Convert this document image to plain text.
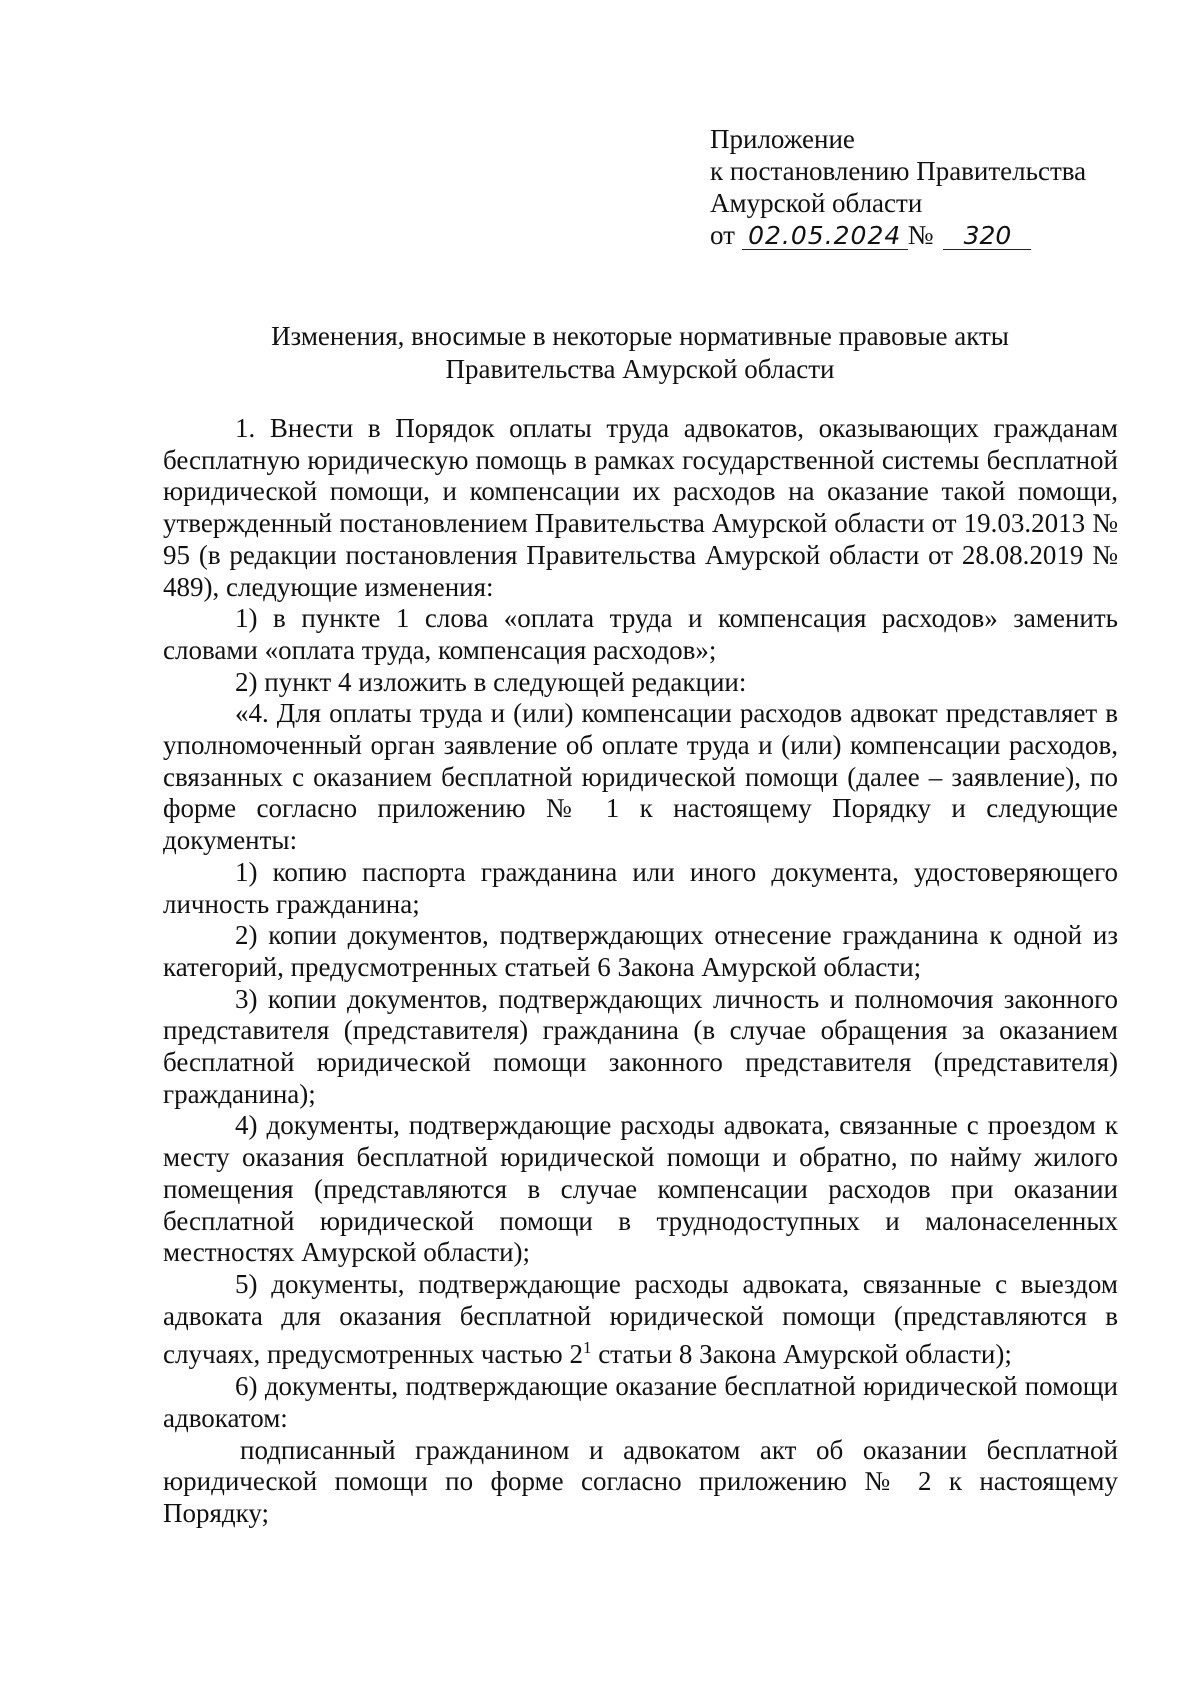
Приложение
к постановлению Правительства
Амурской области
от 02.05.2024 № 320
Изменения, вносимые в некоторые нормативные правовые акты
Правительства Амурской области

1. Внести в Порядок оплаты труда адвокатов, оказывающих гражданам бесплатную юридическую помощь в рамках государственной системы бесплатной юридической помощи, и компенсации их расходов на оказание такой помощи, утвержденный постановлением Правительства Амурской области от 19.03.2013 № 95 (в редакции постановления Правительства Амурской области от 28.08.2019 № 489), следующие изменения:

1) в пункте 1 слова «оплата труда и компенсация расходов» заменить словами «оплата труда, компенсация расходов»;

2) пункт 4 изложить в следующей редакции:

«4. Для оплаты труда и (или) компенсации расходов адвокат представляет в уполномоченный орган заявление об оплате труда и (или) компенсации расходов, связанных с оказанием бесплатной юридической помощи (далее – заявление), по форме согласно приложению № 1 к настоящему Порядку и следующие документы:

1) копию паспорта гражданина или иного документа, удостоверяющего личность гражданина;

2) копии документов, подтверждающих отнесение гражданина к одной из категорий, предусмотренных статьей 6 Закона Амурской области;

3) копии документов, подтверждающих личность и полномочия законного представителя (представителя) гражданина (в случае обращения за оказанием бесплатной юридической помощи законного представителя (представителя) гражданина);

4) документы, подтверждающие расходы адвоката, связанные с проездом к месту оказания бесплатной юридической помощи и обратно, по найму жилого помещения (представляются в случае компенсации расходов при оказании бесплатной юридической помощи в труднодоступных и малонаселенных местностях Амурской области);

5) документы, подтверждающие расходы адвоката, связанные с выездом адвоката для оказания бесплатной юридической помощи (представляются в случаях, предусмотренных частью $2^1$ статьи 8 Закона Амурской области);

6) документы, подтверждающие оказание бесплатной юридической помощи адвокатом:

подписанный гражданином и адвокатом акт об оказании бесплатной юридической помощи по форме согласно приложению № 2 к настоящему Порядку;
